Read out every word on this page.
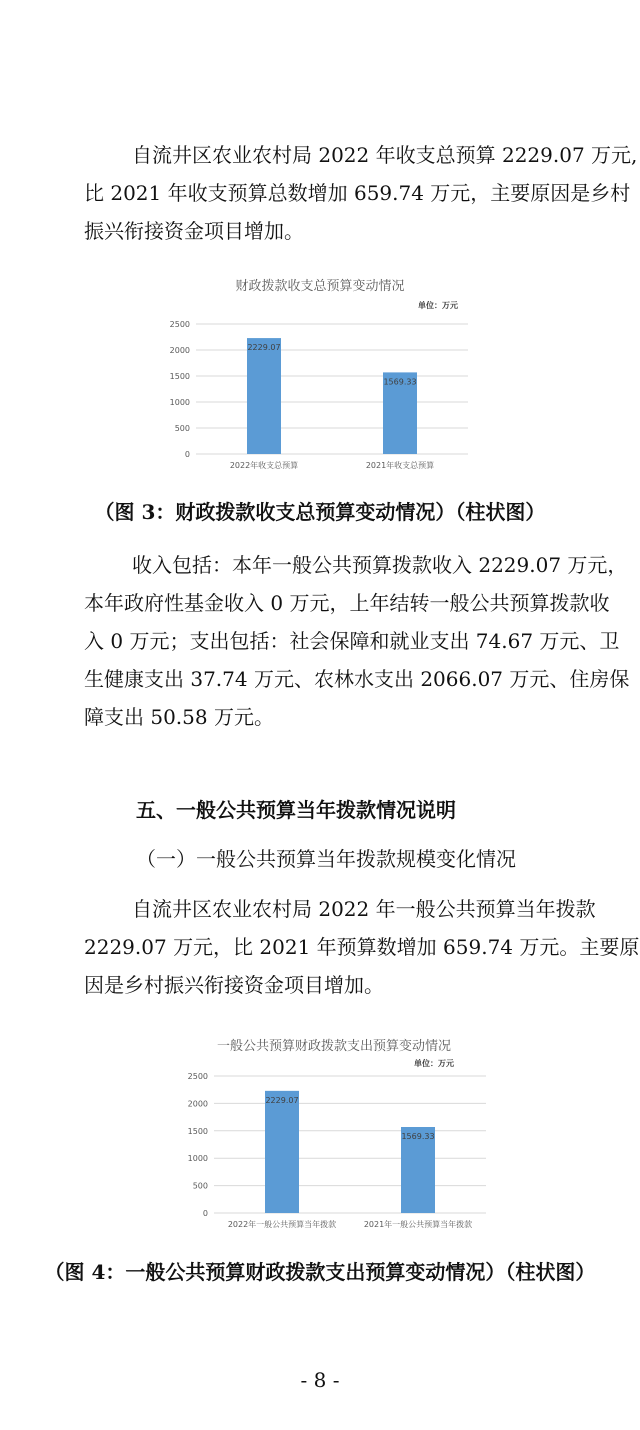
自流井区农业农村局 2022 年收支总预算 2229.07 万元,
比 2021 年收支预算总数增加 659.74 万元，主要原因是乡村
振兴衔接资金项目增加。

财政拨款收支总预算变动情况
单位：万元
0
500
1000
1500
2000
2500
2229.07
1569.33
2022年收支总预算	2021年收支总预算

（图 3：财政拨款收支总预算变动情况）（柱状图）

收入包括：本年一般公共预算拨款收入 2229.07 万元，
本年政府性基金收入 0 万元，上年结转一般公共预算拨款收
入 0 万元；支出包括：社会保障和就业支出 74.67 万元、卫
生健康支出 37.74 万元、农林水支出 2066.07 万元、住房保
障支出 50.58 万元。

五、一般公共预算当年拨款情况说明

（一）一般公共预算当年拨款规模变化情况

自流井区农业农村局 2022 年一般公共预算当年拨款
2229.07 万元，比 2021 年预算数增加 659.74 万元。主要原
因是乡村振兴衔接资金项目增加。

一般公共预算财政拨款支出预算变动情况
单位：万元
0
500
1000
1500
2000
2500
2229.07
1569.33
2022年一般公共预算当年拨款	2021年一般公共预算当年拨款

（图 4：一般公共预算财政拨款支出预算变动情况）（柱状图）

- 8 -
